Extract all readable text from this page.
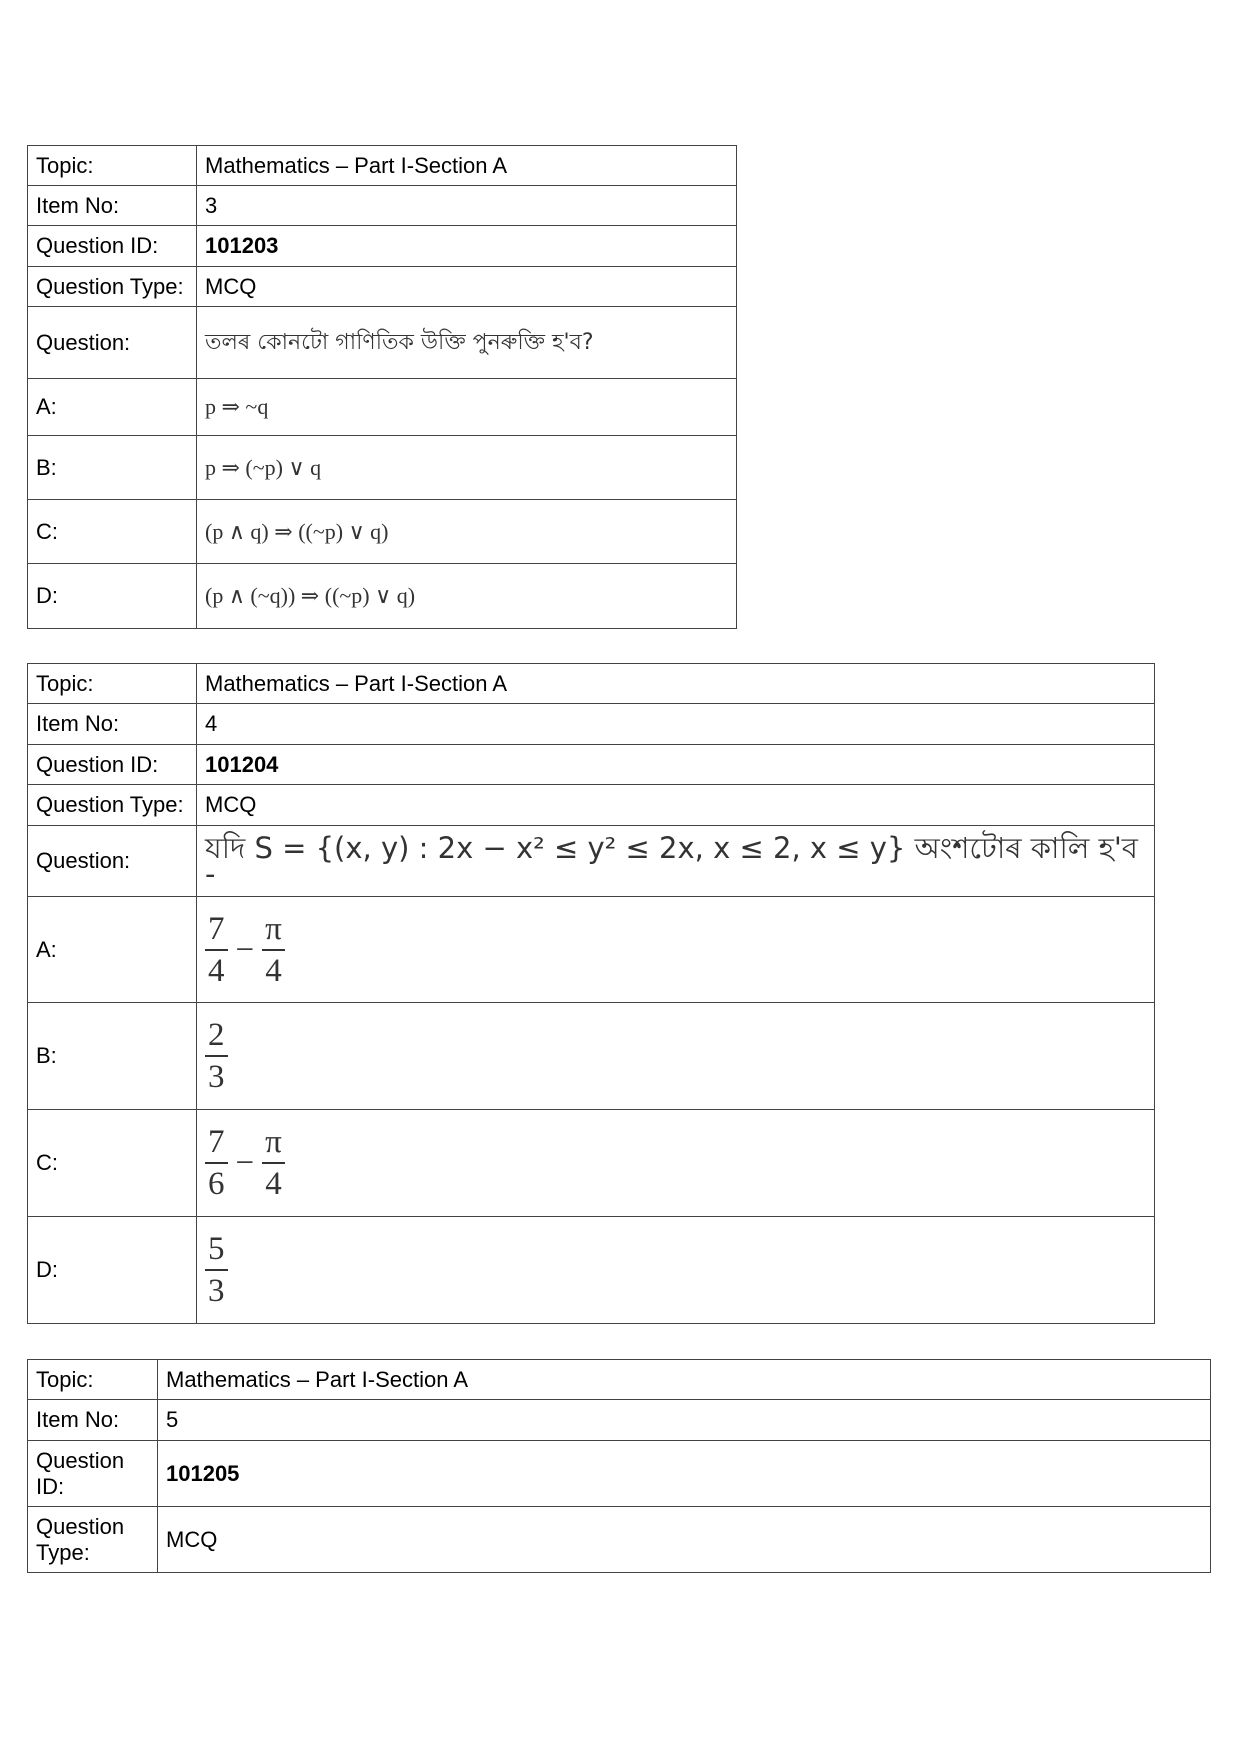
Topic:	Mathematics – Part I-Section A
Item No:	3
Question ID:	101203
Question Type:	MCQ
Question:	তলৰ কোনটো গাণিতিক উক্তি পুনৰুক্তি হ'ব?
A:	p ⇒ ~q
B:	p ⇒ (~p) ∨ q
C:	(p ∧ q) ⇒ ((~p) ∨ q)
D:	(p ∧ (~q)) ⇒ ((~p) ∨ q)
Topic:	Mathematics – Part I-Section A
Item No:	4
Question ID:	101204
Question Type:	MCQ
Question:	যদি S = {(x, y) : 2x − x² ≤ y² ≤ 2x, x ≤ 2, x ≤ y} অংশটোৰ কালি হ'ব -
A:	$\frac{7}{4} - \frac{\pi}{4}$

B:	$\frac{2}{3}$

C:	$\frac{7}{6} - \frac{\pi}{4}$

D:	$\frac{5}{3}$
Topic:	Mathematics – Part I-Section A
Item No:	5
Question
ID:	101205
Question
Type:	MCQ
